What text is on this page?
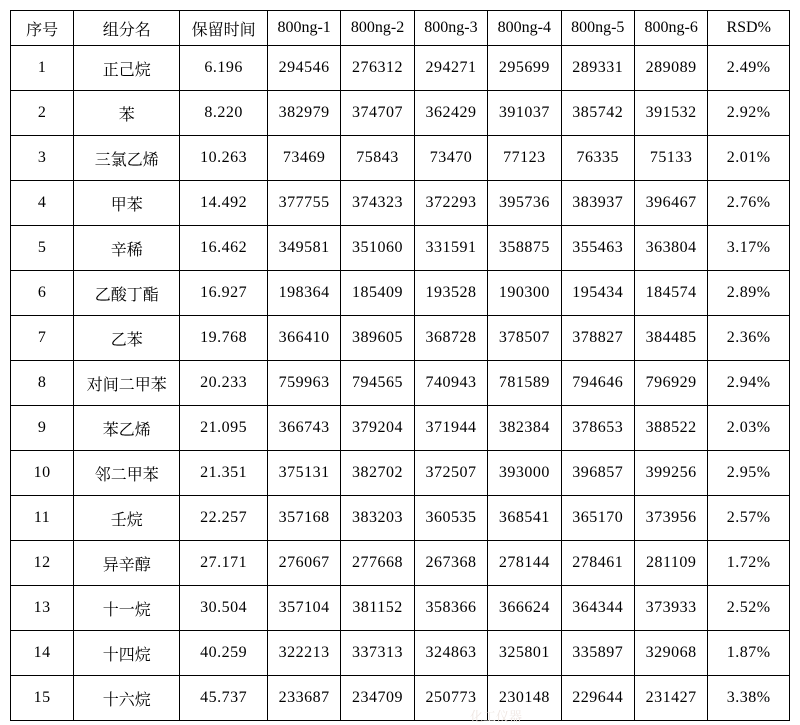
序号	组分名	保留时间	800ng-1	800ng-2	800ng-3	800ng-4	800ng-5	800ng-6	RSD%
1	正己烷	6.196	294546	276312	294271	295699	289331	289089	2.49%
2	苯	8.220	382979	374707	362429	391037	385742	391532	2.92%
3	三氯乙烯	10.263	73469	75843	73470	77123	76335	75133	2.01%
4	甲苯	14.492	377755	374323	372293	395736	383937	396467	2.76%
5	辛稀	16.462	349581	351060	331591	358875	355463	363804	3.17%
6	乙酸丁酯	16.927	198364	185409	193528	190300	195434	184574	2.89%
7	乙苯	19.768	366410	389605	368728	378507	378827	384485	2.36%
8	对间二甲苯	20.233	759963	794565	740943	781589	794646	796929	2.94%
9	苯乙烯	21.095	366743	379204	371944	382384	378653	388522	2.03%
10	邻二甲苯	21.351	375131	382702	372507	393000	396857	399256	2.95%
11	壬烷	22.257	357168	383203	360535	368541	365170	373956	2.57%
12	异辛醇	27.171	276067	277668	267368	278144	278461	281109	1.72%
13	十一烷	30.504	357104	381152	358366	366624	364344	373933	2.52%
14	十四烷	40.259	322213	337313	324863	325801	335897	329068	1.87%
15	十六烷	45.737	233687	234709	250773	230148	229644	231427	3.38%
化工仪器
